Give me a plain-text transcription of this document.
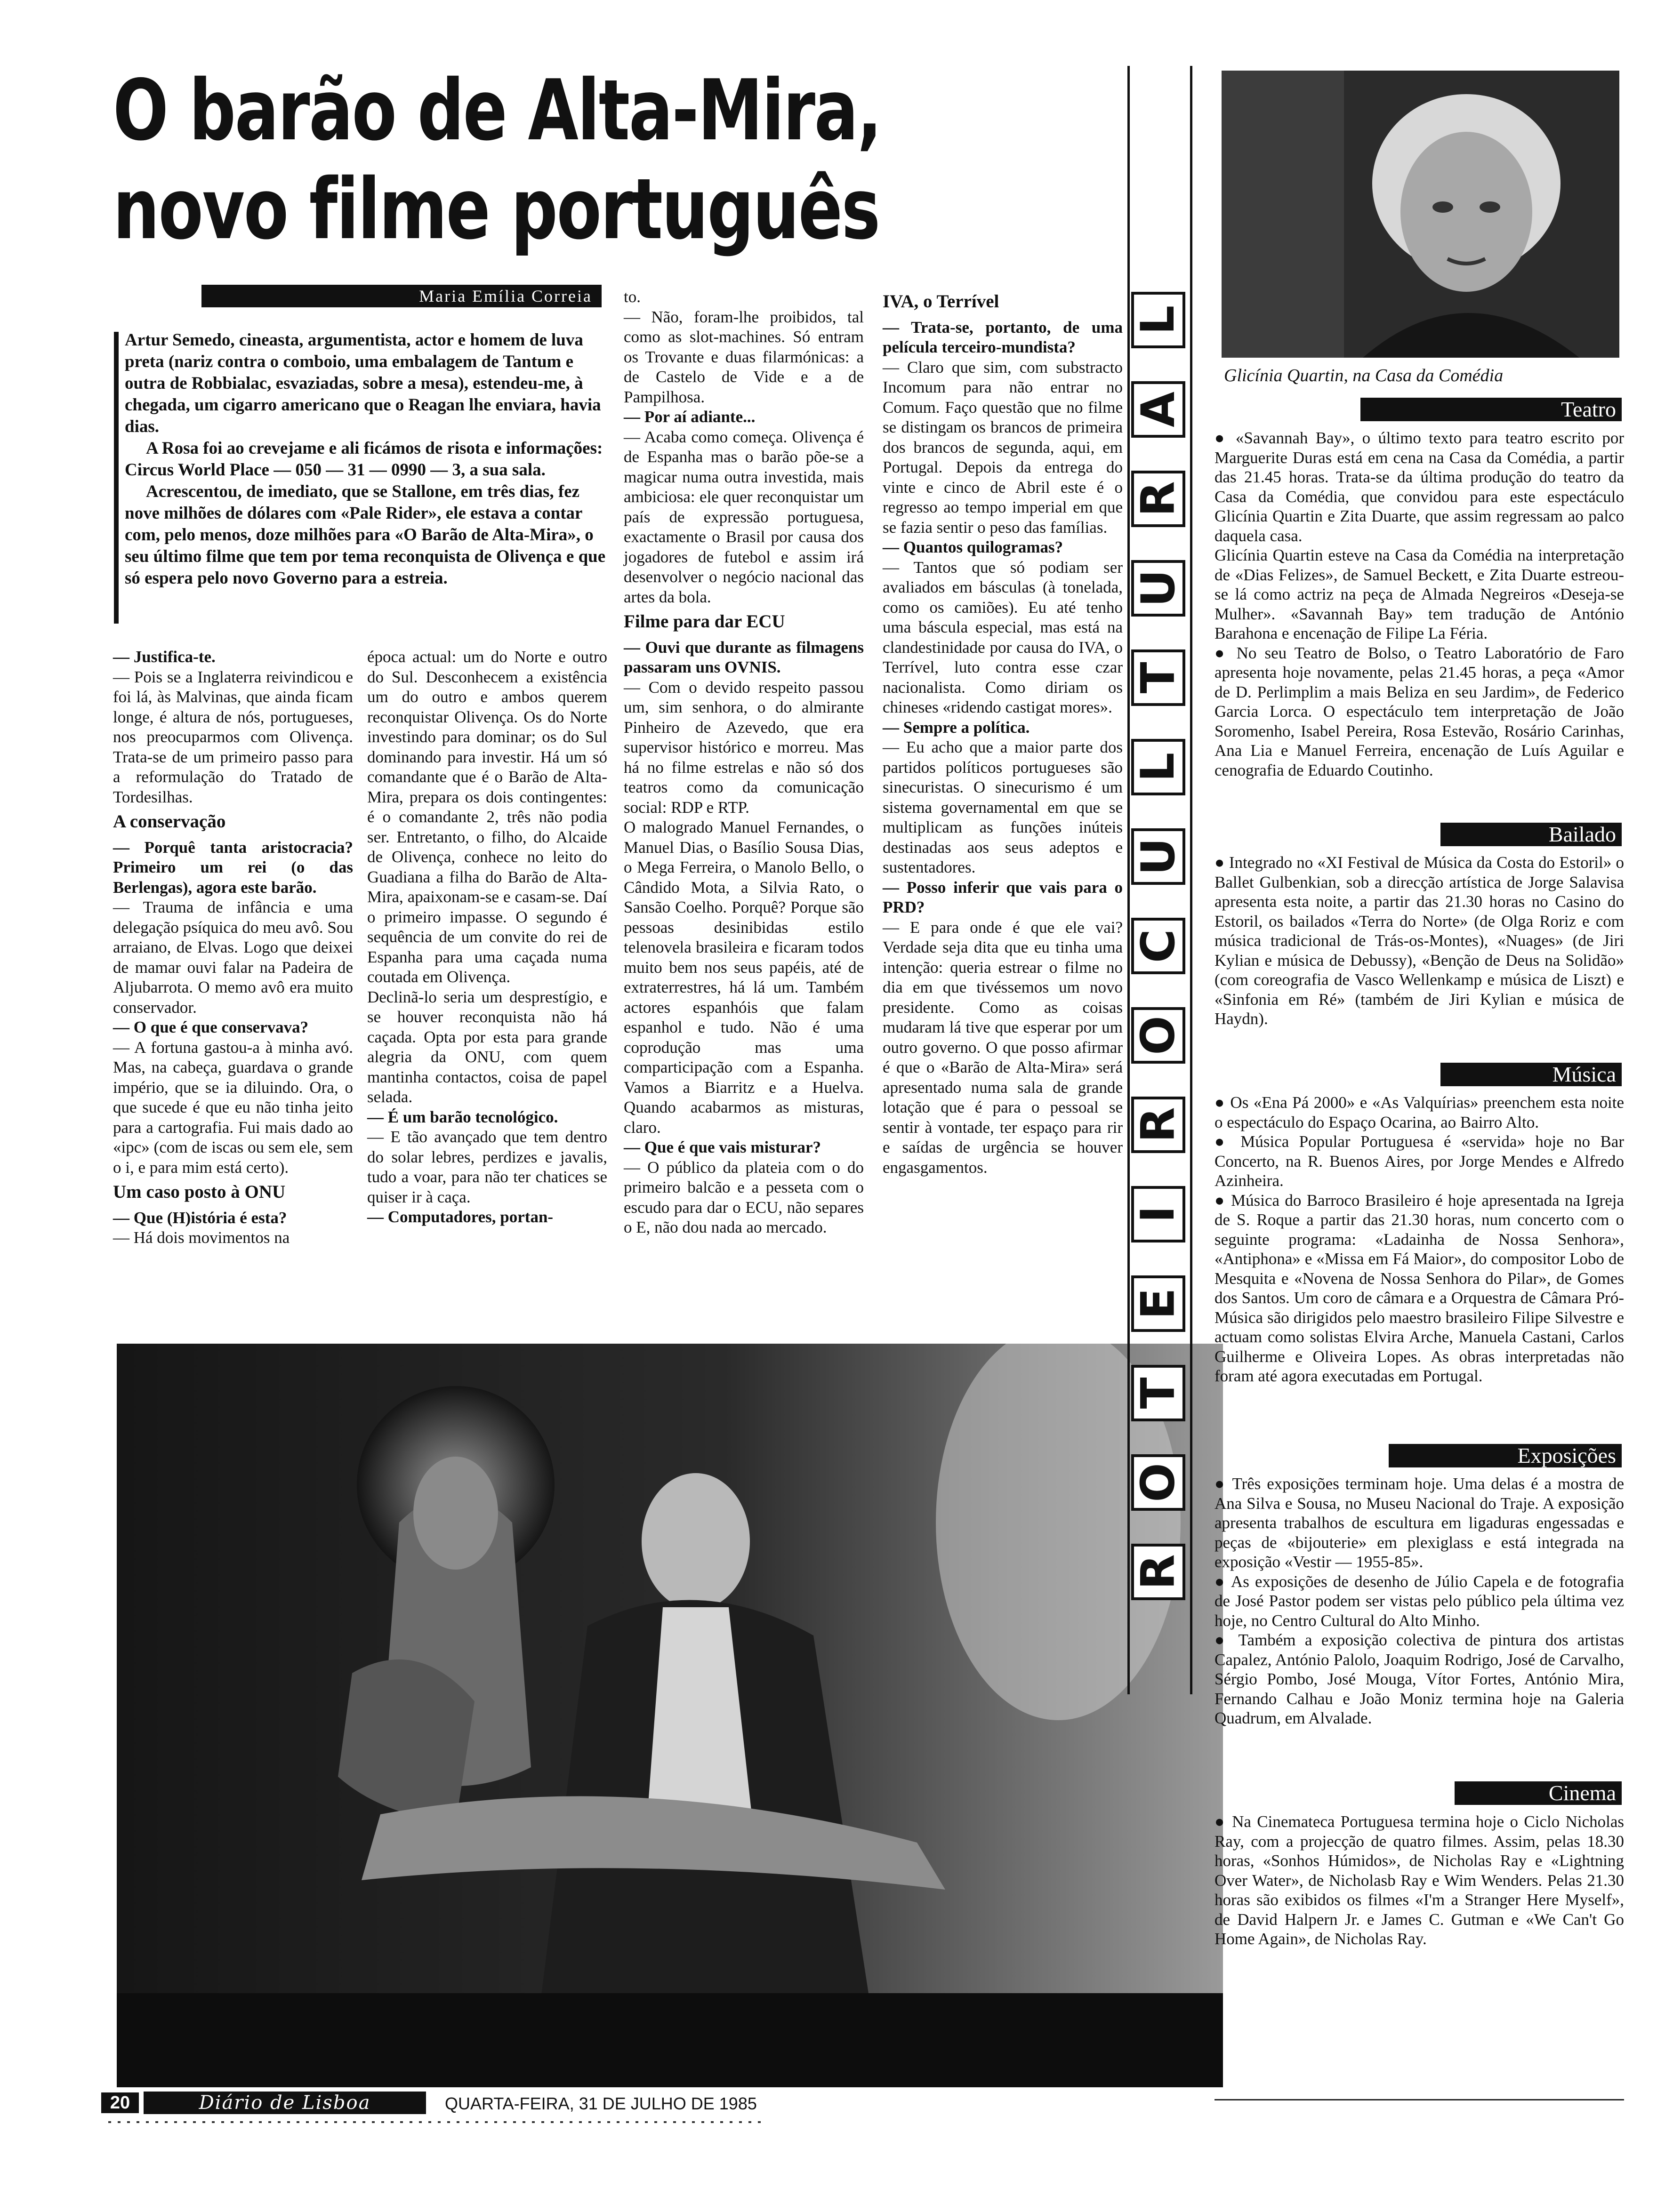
O barão de Alta-Mira,
novo filme português
Maria Emília Correia

Artur Semedo, cineasta, argumentista, actor e homem de luva preta (nariz contra o comboio, uma embalagem de Tantum e outra de Robbialac, esvaziadas, sobre a mesa), estendeu-me, à chegada, um cigarro americano que o Reagan lhe enviara, havia dias.

A Rosa foi ao crevejame e ali ficámos de risota e informações: Circus World Place — 050 — 31 — 0990 — 3, a sua sala.

Acrescentou, de imediato, que se Stallone, em três dias, fez nove milhões de dólares com «Pale Rider», ele estava a contar com, pelo menos, doze milhões para «O Barão de Alta-Mira», o seu último filme que tem por tema reconquista de Olivença e que só espera pelo novo Governo para a estreia.

— Justifica-te.

— Pois se a Inglaterra reivindicou e foi lá, às Malvinas, que ainda ficam longe, é altura de nós, portugueses, nos preocuparmos com Olivença. Trata-se de um primeiro passo para a reformulação do Tratado de Tordesilhas.

A conservação

— Porquê tanta aristocracia? Primeiro um rei (o das Berlengas), agora este barão.

— Trauma de infância e uma delegação psíquica do meu avô. Sou arraiano, de Elvas. Logo que deixei de mamar ouvi falar na Padeira de Aljubarrota. O memo avô era muito conservador.

— O que é que conservava?

— A fortuna gastou-a à minha avó. Mas, na cabeça, guardava o grande império, que se ia diluindo. Ora, o que sucede é que eu não tinha jeito para a cartografia. Fui mais dado ao «ipc» (com de iscas ou sem ele, sem o i, e para mim está certo).

Um caso posto à ONU

— Que (H)istória é esta?

— Há dois movimentos na

época actual: um do Norte e outro do Sul. Desconhecem a existência um do outro e ambos querem reconquistar Olivença. Os do Norte investindo para dominar; os do Sul dominando para investir. Há um só comandante que é o Barão de Alta-Mira, prepara os dois contingentes: é o comandante 2, três não podia ser. Entretanto, o filho, do Alcaide de Olivença, conhece no leito do Guadiana a filha do Barão de Alta-Mira, apaixonam-se e casam-se. Daí o primeiro impasse. O segundo é sequência de um convite do rei de Espanha para uma caçada numa coutada em Olivença.

Declinã-lo seria um desprestígio, e se houver reconquista não há caçada. Opta por esta para grande alegria da ONU, com quem mantinha contactos, coisa de papel selada.

— É um barão tecnológico.

— E tão avançado que tem dentro do solar lebres, perdizes e javalis, tudo a voar, para não ter chatices se quiser ir à caça.

— Computadores, portan-

to.

— Não, foram-lhe proibidos, tal como as slot-machines. Só entram os Trovante e duas filarmónicas: a de Castelo de Vide e a de Pampilhosa.

— Por aí adiante...

— Acaba como começa. Olivença é de Espanha mas o barão põe-se a magicar numa outra investida, mais ambiciosa: ele quer reconquistar um país de expressão portuguesa, exactamente o Brasil por causa dos jogadores de futebol e assim irá desenvolver o negócio nacional das artes da bola.

Filme para dar ECU

— Ouvi que durante as filmagens passaram uns OVNIS.

— Com o devido respeito passou um, sim senhora, o do almirante Pinheiro de Azevedo, que era supervisor histórico e morreu. Mas há no filme estrelas e não só dos teatros como da comunicação social: RDP e RTP.

O malogrado Manuel Fernandes, o Manuel Dias, o Basílio Sousa Dias, o Mega Ferreira, o Manolo Bello, o Cândido Mota, a Silvia Rato, o Sansão Coelho. Porquê? Porque são pessoas desinibidas estilo telenovela brasileira e ficaram todos muito bem nos seus papéis, até de extraterrestres, há lá um. Também actores espanhóis que falam espanhol e tudo. Não é uma coprodução mas uma comparticipação com a Espanha. Vamos a Biarritz e a Huelva. Quando acabarmos as misturas, claro.

— Que é que vais misturar?

— O público da plateia com o do primeiro balcão e a pesseta com o escudo para dar o ECU, não separes o E, não dou nada ao mercado.

IVA, o Terrível

— Trata-se, portanto, de uma película terceiro-mundista?

— Claro que sim, com substracto Incomum para não entrar no Comum. Faço questão que no filme se distingam os brancos de primeira dos brancos de segunda, aqui, em Portugal. Depois da entrega do vinte e cinco de Abril este é o regresso ao tempo imperial em que se fazia sentir o peso das famílias.

— Quantos quilogramas?

— Tantos que só podiam ser avaliados em básculas (à tonelada, como os camiões). Eu até tenho uma báscula especial, mas está na clandestinidade por causa do IVA, o Terrível, luto contra esse czar nacionalista. Como diriam os chineses «ridendo castigat mores».

— Sempre a política.

— Eu acho que a maior parte dos partidos políticos portugueses são sinecuristas. O sinecurismo é um sistema governamental em que se multiplicam as funções inúteis destinadas aos seus adeptos e sustentadores.

— Posso inferir que vais para o PRD?

— E para onde é que ele vai? Verdade seja dita que eu tinha uma intenção: queria estrear o filme no dia em que tivéssemos um novo presidente. Como as coisas mudaram lá tive que esperar por um outro governo. O que posso afirmar é que o «Barão de Alta-Mira» será apresentado numa sala de grande lotação que é para o pessoal se sentir à vontade, ter espaço para rir e saídas de urgência se houver engasgamentos.

20	Diário de Lisboa	QUARTA-FEIRA, 31 DE JULHO DE 1985
L
A
R
U
T
L
U
C
O
R
I
E
T
O
R
Glicínia Quartin, na Casa da Comédia
Teatro

● «Savannah Bay», o último texto para teatro escrito por Marguerite Duras está em cena na Casa da Comédia, a partir das 21.45 horas. Trata-se da última produção do teatro da Casa da Comédia, que convidou para este espectáculo Glicínia Quartin e Zita Duarte, que assim regressam ao palco daquela casa.

Glicínia Quartin esteve na Casa da Comédia na interpretação de «Dias Felizes», de Samuel Beckett, e Zita Duarte estreou-se lá como actriz na peça de Almada Negreiros «Deseja-se Mulher». «Savannah Bay» tem tradução de António Barahona e encenação de Filipe La Féria.

● No seu Teatro de Bolso, o Teatro Laboratório de Faro apresenta hoje novamente, pelas 21.45 horas, a peça «Amor de D. Perlimplim a mais Beliza en seu Jardim», de Federico Garcia Lorca. O espectáculo tem interpretação de João Soromenho, Isabel Pereira, Rosa Estevão, Rosário Carinhas, Ana Lia e Manuel Ferreira, encenação de Luís Aguilar e cenografia de Eduardo Coutinho.

Bailado

● Integrado no «XI Festival de Música da Costa do Estoril» o Ballet Gulbenkian, sob a direcção artística de Jorge Salavisa apresenta esta noite, a partir das 21.30 horas no Casino do Estoril, os bailados «Terra do Norte» (de Olga Roriz e com música tradicional de Trás-os-Montes), «Nuages» (de Jiri Kylian e música de Debussy), «Benção de Deus na Solidão» (com coreografia de Vasco Wellenkamp e música de Liszt) e «Sinfonia em Ré» (também de Jiri Kylian e música de Haydn).

Música

● Os «Ena Pá 2000» e «As Valquírias» preenchem esta noite o espectáculo do Espaço Ocarina, ao Bairro Alto.

● Música Popular Portuguesa é «servida» hoje no Bar Concerto, na R. Buenos Aires, por Jorge Mendes e Alfredo Azinheira.

● Música do Barroco Brasileiro é hoje apresentada na Igreja de S. Roque a partir das 21.30 horas, num concerto com o seguinte programa: «Ladainha de Nossa Senhora», «Antiphona» e «Missa em Fá Maior», do compositor Lobo de Mesquita e «Novena de Nossa Senhora do Pilar», de Gomes dos Santos. Um coro de câmara e a Orquestra de Câmara Pró-Música são dirigidos pelo maestro brasileiro Filipe Silvestre e actuam como solistas Elvira Arche, Manuela Castani, Carlos Guilherme e Oliveira Lopes. As obras interpretadas não foram até agora executadas em Portugal.

Exposições

● Três exposições terminam hoje. Uma delas é a mostra de Ana Silva e Sousa, no Museu Nacional do Traje. A exposição apresenta trabalhos de escultura em ligaduras engessadas e peças de «bijouterie» em plexiglass e está integrada na exposição «Vestir — 1955-85».

● As exposições de desenho de Júlio Capela e de fotografia de José Pastor podem ser vistas pelo público pela última vez hoje, no Centro Cultural do Alto Minho.

● Também a exposição colectiva de pintura dos artistas Capalez, António Palolo, Joaquim Rodrigo, José de Carvalho, Sérgio Pombo, José Mouga, Vítor Fortes, António Mira, Fernando Calhau e João Moniz termina hoje na Galeria Quadrum, em Alvalade.

Cinema

● Na Cinemateca Portuguesa termina hoje o Ciclo Nicholas Ray, com a projecção de quatro filmes. Assim, pelas 18.30 horas, «Sonhos Húmidos», de Nicholas Ray e «Lightning Over Water», de Nicholasb Ray e Wim Wenders. Pelas 21.30 horas são exibidos os filmes «I'm a Stranger Here Myself», de David Halpern Jr. e James C. Gutman e «We Can't Go Home Again», de Nicholas Ray.
